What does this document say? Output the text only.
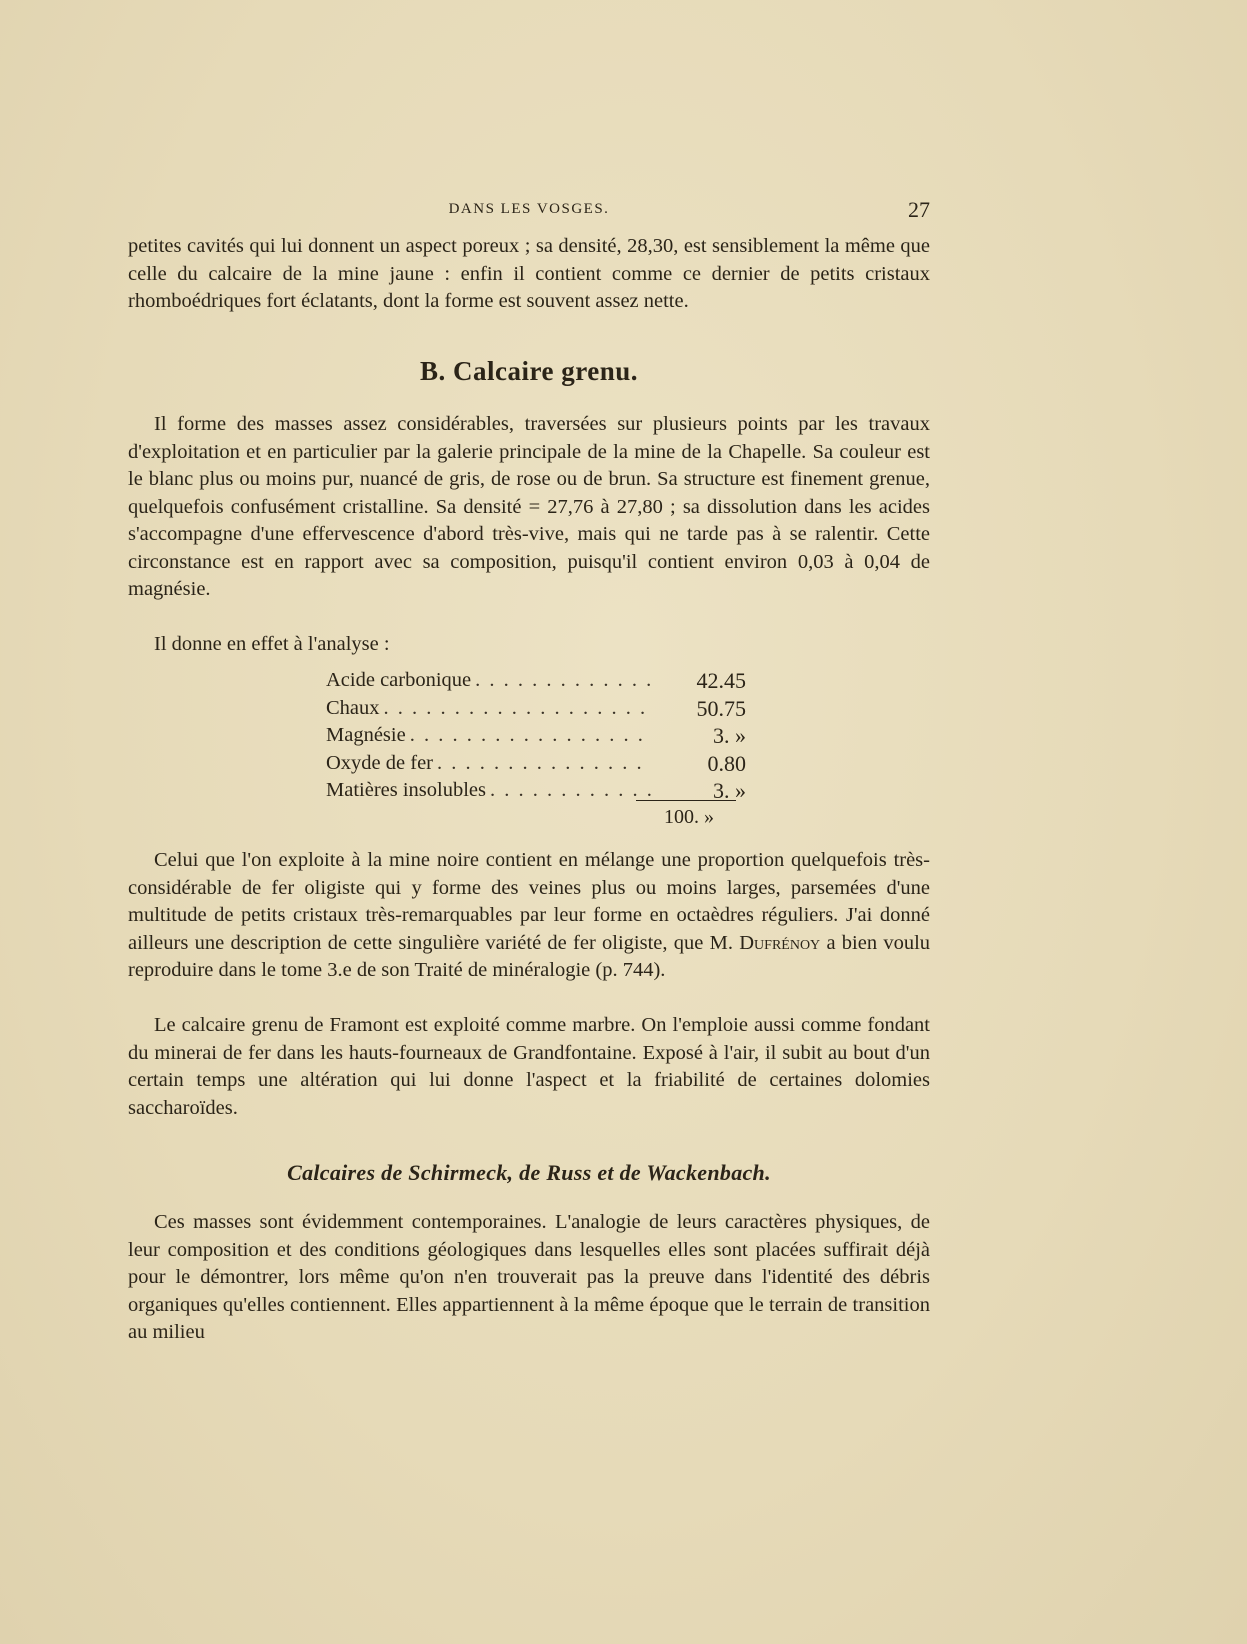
DANS LES VOSGES.	27

petites cavités qui lui donnent un aspect poreux ; sa densité, 28,30, est sensiblement la même que celle du calcaire de la mine jaune : enfin il contient comme ce dernier de petits cristaux rhomboédriques fort éclatants, dont la forme est souvent assez nette.

B. Calcaire grenu.

Il forme des masses assez considérables, traversées sur plusieurs points par les travaux d'exploitation et en particulier par la galerie principale de la mine de la Chapelle. Sa couleur est le blanc plus ou moins pur, nuancé de gris, de rose ou de brun. Sa structure est finement grenue, quelquefois confusément cristalline. Sa densité = 27,76 à 27,80 ; sa dissolution dans les acides s'accompagne d'une effervescence d'abord très-vive, mais qui ne tarde pas à se ralentir. Cette circonstance est en rapport avec sa composition, puisqu'il contient environ 0,03 à 0,04 de magnésie.

Il donne en effet à l'analyse :

Acide carbonique . . .	42.45
Chaux . . .	50.75
Magnésie . . .	3. »
Oxyde de fer . . .	0.80
Matières insolubles . . .	3. »
100. »

Celui que l'on exploite à la mine noire contient en mélange une proportion quelquefois très-considérable de fer oligiste qui y forme des veines plus ou moins larges, parsemées d'une multitude de petits cristaux très-remarquables par leur forme en octaèdres réguliers. J'ai donné ailleurs une description de cette singulière variété de fer oligiste, que M. Dufrénoy a bien voulu reproduire dans le tome 3.e de son Traité de minéralogie (p. 744).

Le calcaire grenu de Framont est exploité comme marbre. On l'emploie aussi comme fondant du minerai de fer dans les hauts-fourneaux de Grandfontaine. Exposé à l'air, il subit au bout d'un certain temps une altération qui lui donne l'aspect et la friabilité de certaines dolomies saccharoïdes.

Calcaires de Schirmeck, de Russ et de Wackenbach.

Ces masses sont évidemment contemporaines. L'analogie de leurs caractères physiques, de leur composition et des conditions géologiques dans lesquelles elles sont placées suffirait déjà pour le démontrer, lors même qu'on n'en trouverait pas la preuve dans l'identité des débris organiques qu'elles contiennent. Elles appartiennent à la même époque que le terrain de transition au milieu
